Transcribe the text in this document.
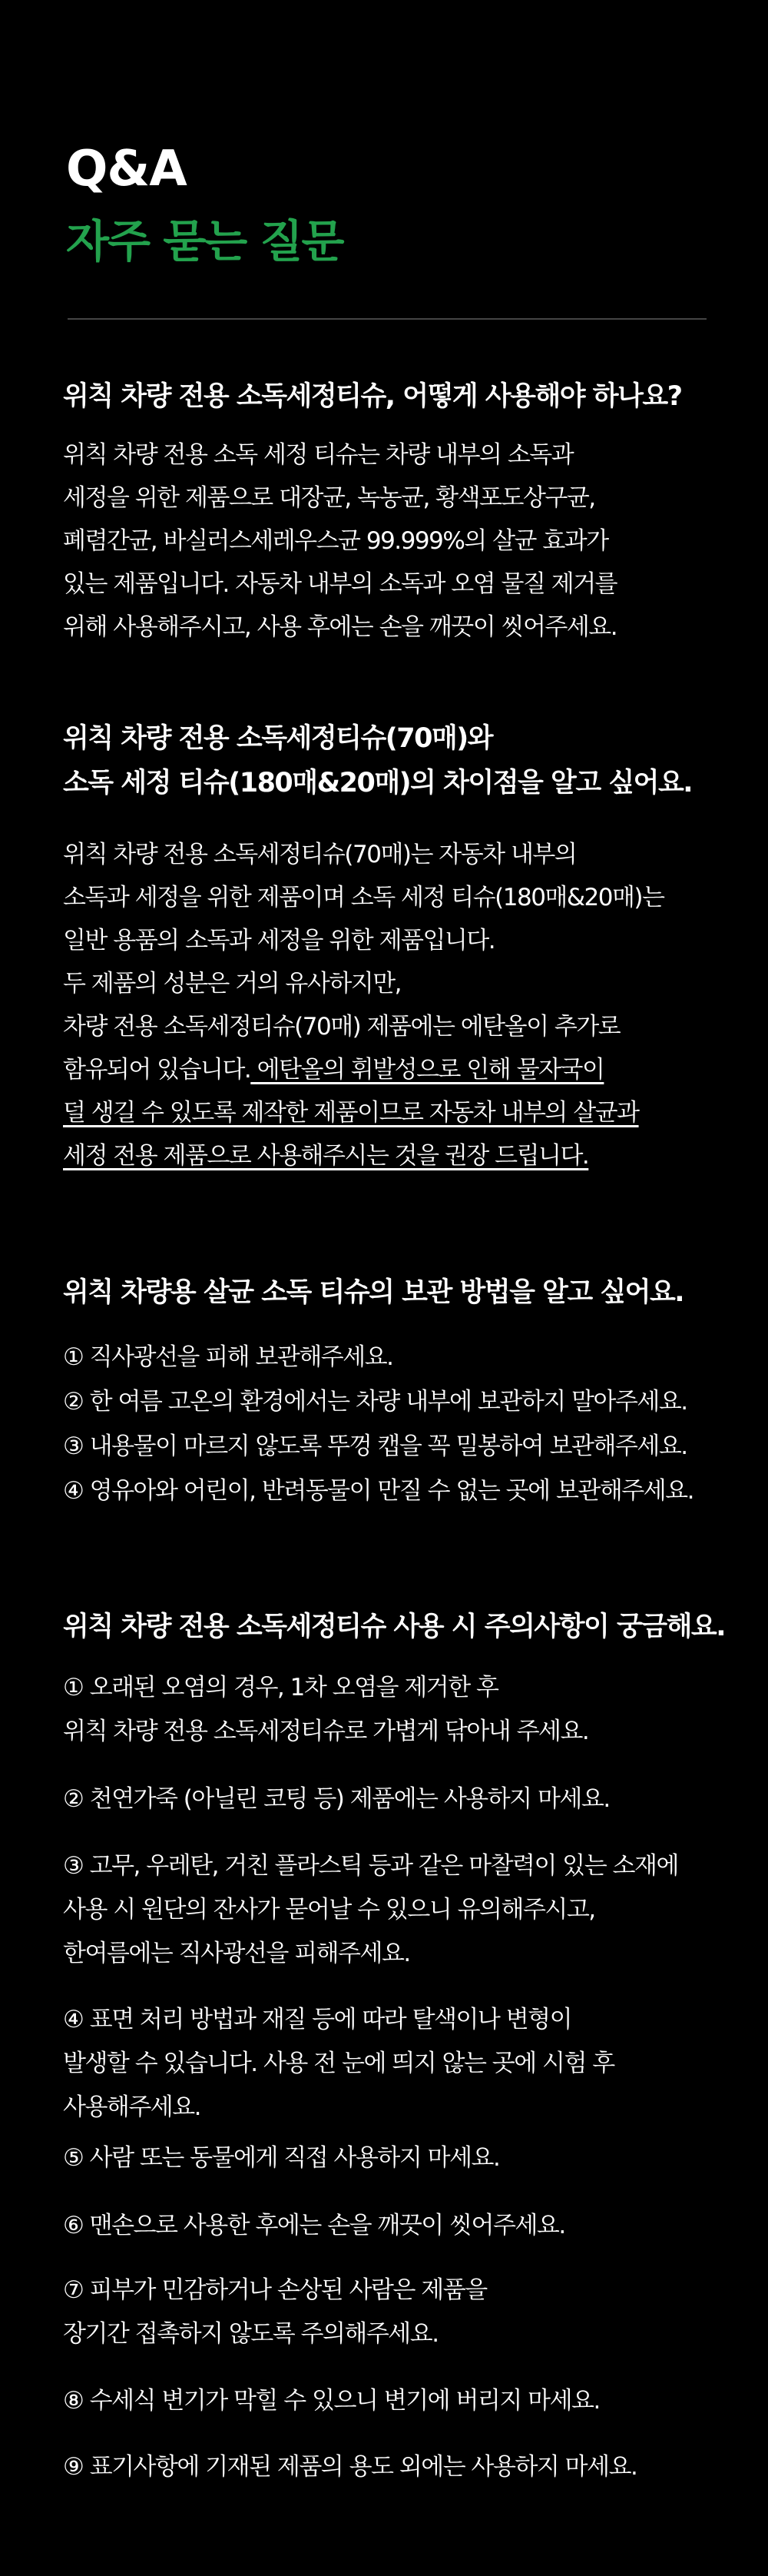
Q&A
자주 묻는 질문
위칙 차량 전용 소독세정티슈, 어떻게 사용해야 하나요?
위칙 차량 전용 소독 세정 티슈는 차량 내부의 소독과
세정을 위한 제품으로 대장균, 녹농균, 황색포도상구균,
폐렴간균, 바실러스세레우스균 99.999%의 살균 효과가
있는 제품입니다. 자동차 내부의 소독과 오염 물질 제거를
위해 사용해주시고, 사용 후에는 손을 깨끗이 씻어주세요.
위칙 차량 전용 소독세정티슈(70매)와
소독 세정 티슈(180매&20매)의 차이점을 알고 싶어요.
위칙 차량 전용 소독세정티슈(70매)는 자동차 내부의
소독과 세정을 위한 제품이며 소독 세정 티슈(180매&20매)는
일반 용품의 소독과 세정을 위한 제품입니다.
두 제품의 성분은 거의 유사하지만,
차량 전용 소독세정티슈(70매) 제품에는 에탄올이 추가로
함유되어 있습니다. 에탄올의 휘발성으로 인해 물자국이
덜 생길 수 있도록 제작한 제품이므로 자동차 내부의 살균과
세정 전용 제품으로 사용해주시는 것을 권장 드립니다.
위칙 차량용 살균 소독 티슈의 보관 방법을 알고 싶어요.
① 직사광선을 피해 보관해주세요.
② 한 여름 고온의 환경에서는 차량 내부에 보관하지 말아주세요.
③ 내용물이 마르지 않도록 뚜껑 캡을 꼭 밀봉하여 보관해주세요.
④ 영유아와 어린이, 반려동물이 만질 수 없는 곳에 보관해주세요.
위칙 차량 전용 소독세정티슈 사용 시 주의사항이 궁금해요.
① 오래된 오염의 경우, 1차 오염을 제거한 후
위칙 차량 전용 소독세정티슈로 가볍게 닦아내 주세요.
② 천연가죽 (아닐린 코팅 등) 제품에는 사용하지 마세요.
③ 고무, 우레탄, 거친 플라스틱 등과 같은 마찰력이 있는 소재에
사용 시 원단의 잔사가 묻어날 수 있으니 유의해주시고,
한여름에는 직사광선을 피해주세요.
④ 표면 처리 방법과 재질 등에 따라 탈색이나 변형이
발생할 수 있습니다. 사용 전 눈에 띄지 않는 곳에 시험 후
사용해주세요.
⑤ 사람 또는 동물에게 직접 사용하지 마세요.
⑥ 맨손으로 사용한 후에는 손을 깨끗이 씻어주세요.
⑦ 피부가 민감하거나 손상된 사람은 제품을
장기간 접촉하지 않도록 주의해주세요.
⑧ 수세식 변기가 막힐 수 있으니 변기에 버리지 마세요.
⑨ 표기사항에 기재된 제품의 용도 외에는 사용하지 마세요.
